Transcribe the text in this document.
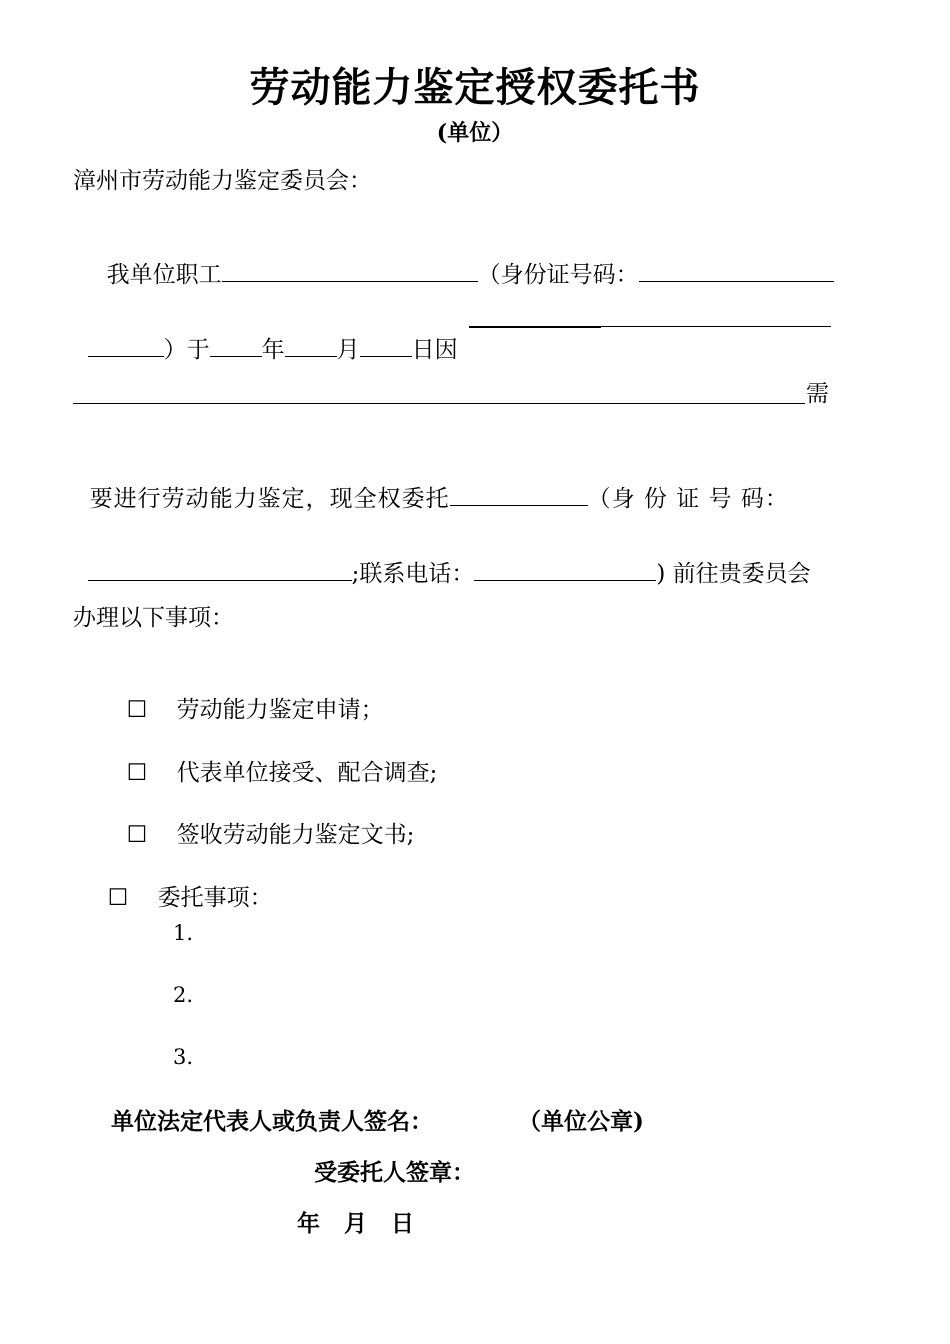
劳动能力鉴定授权委托书
(单位）
漳州市劳动能力鉴定委员会：

我单位职工	（身份证号码：

）于 年 月 日因

需

要进行劳动能力鉴定，现全权委托	（身 份 证 号 码：

;联系电话：	) 前往贵委员会

办理以下事项：

☐ 劳动能力鉴定申请；

☐ 代表单位接受、配合调查;

☐ 签收劳动能力鉴定文书;

☐ 委托事项：

1.
2.
3.
单位法定代表人或负责人签名：	（单位公章)
受委托人签章：
年   月   日
